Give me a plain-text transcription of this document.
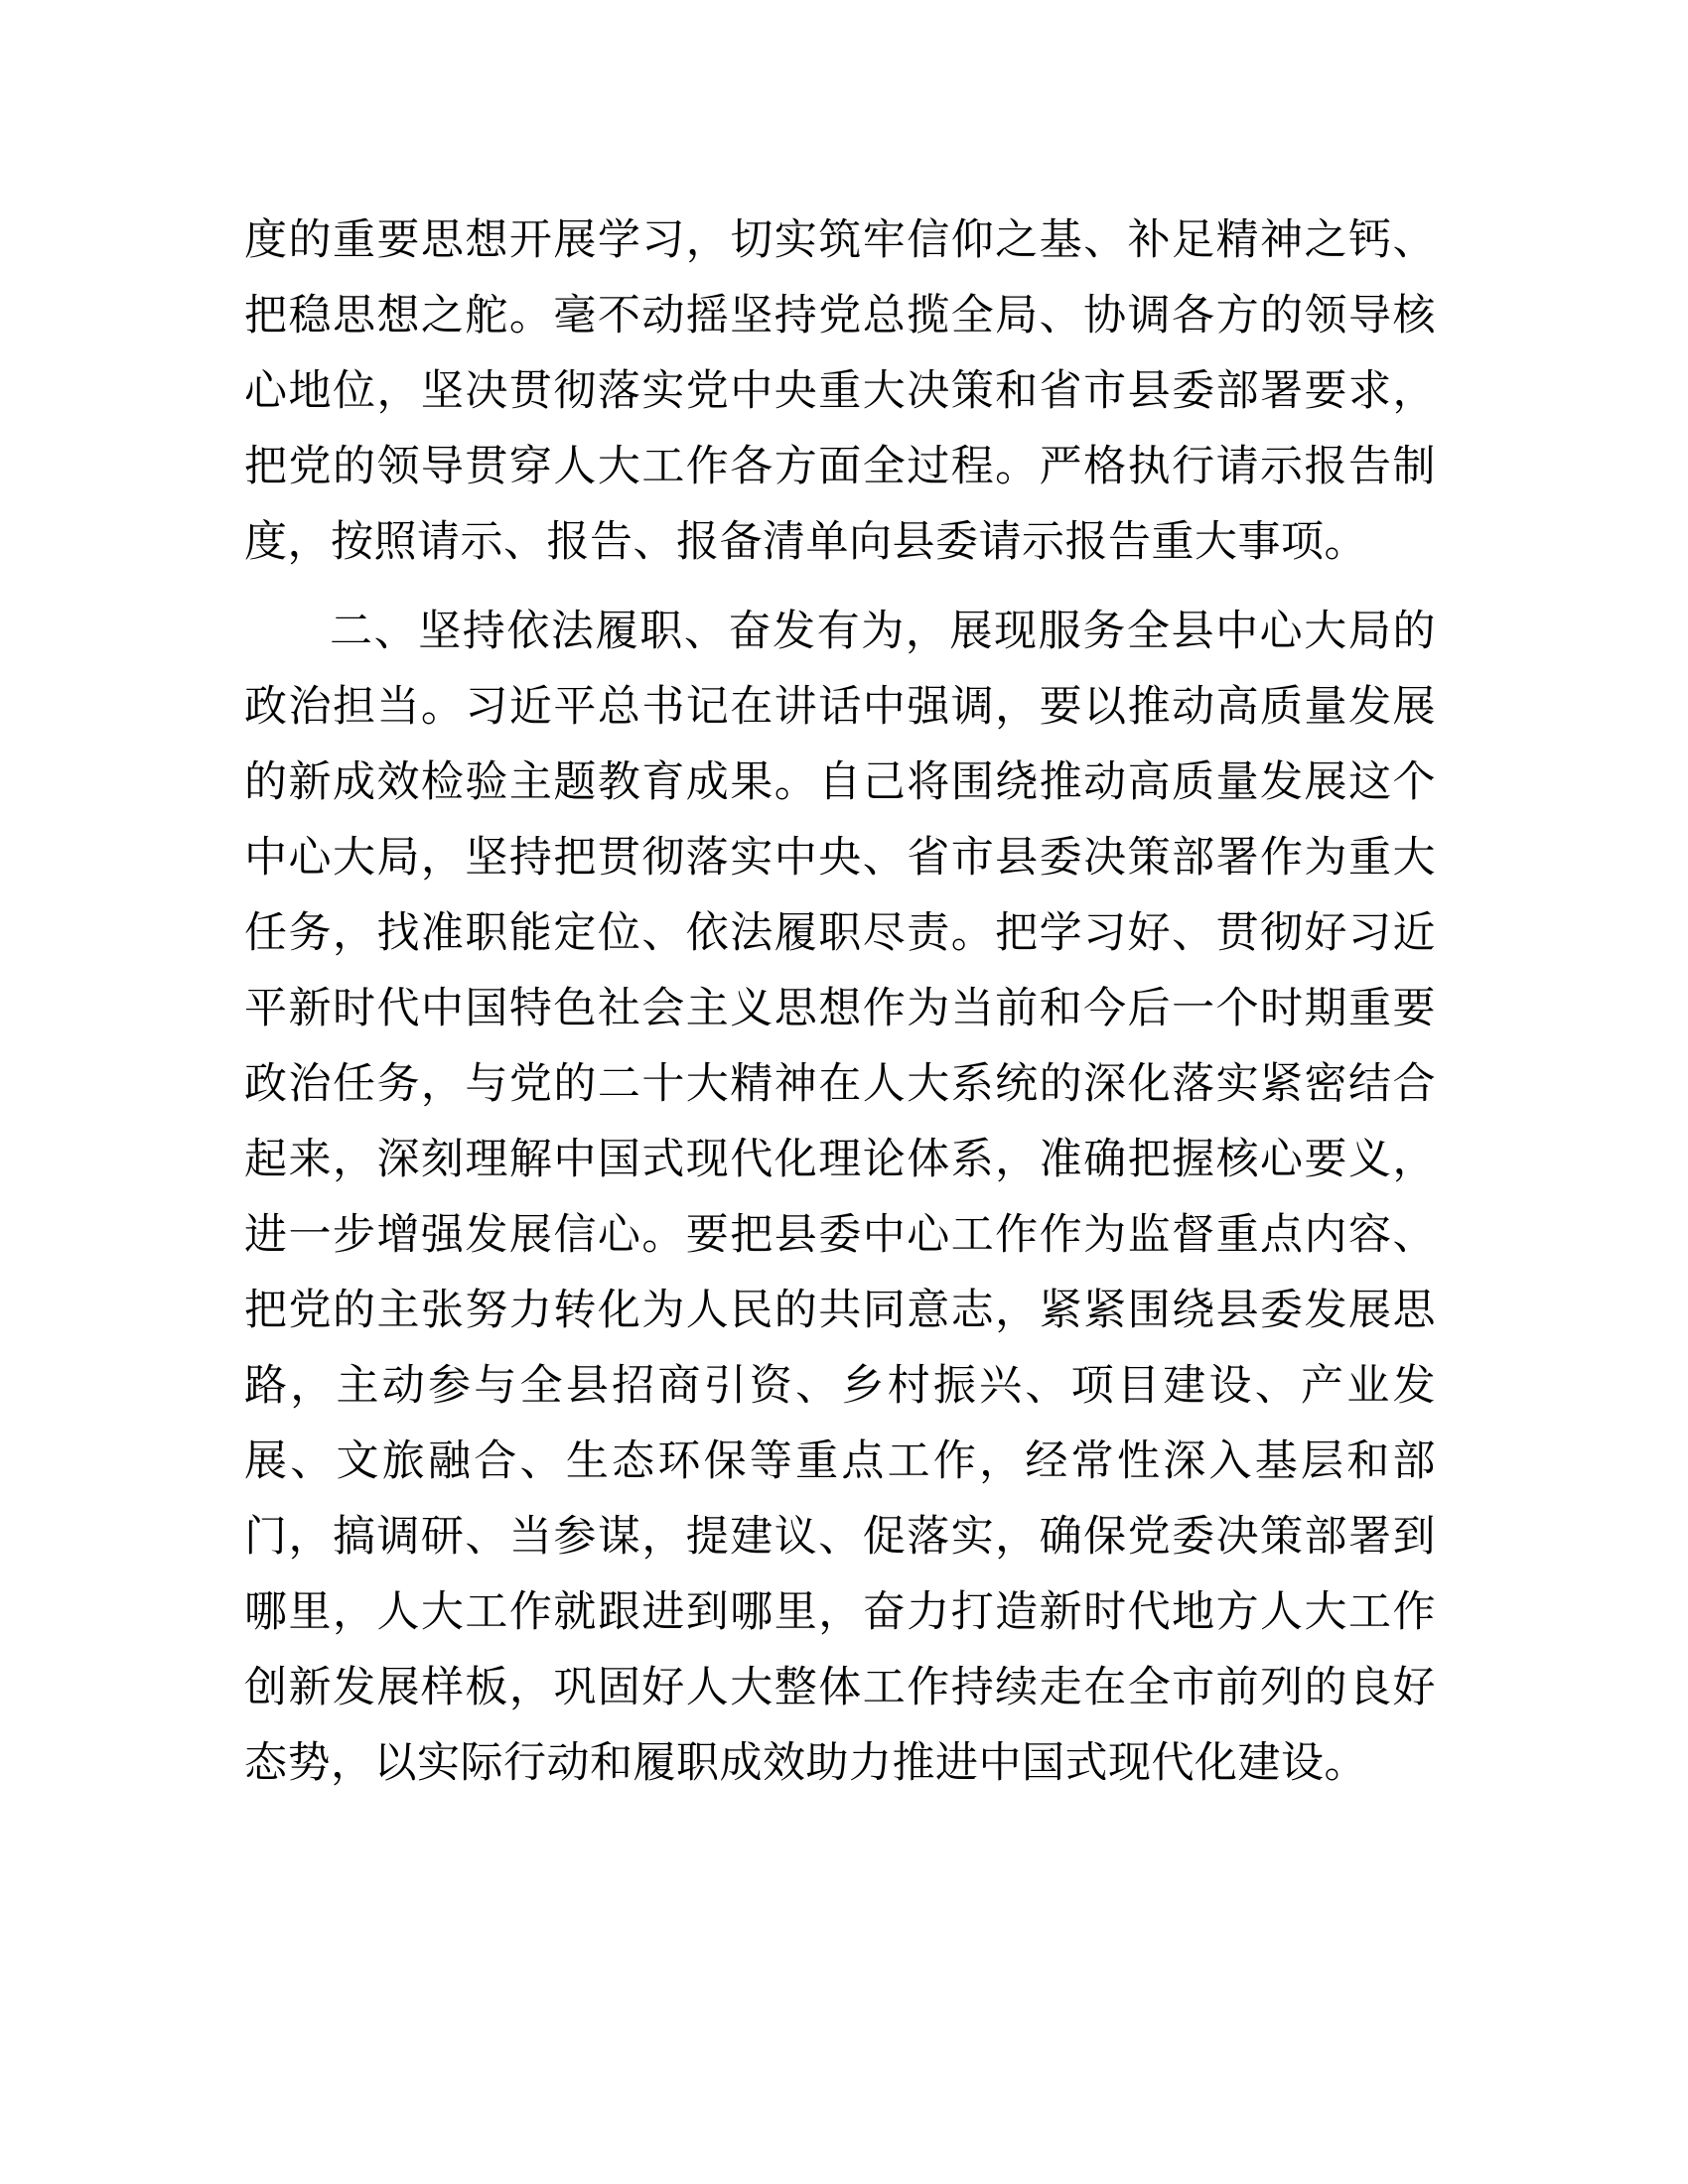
度的重要思想开展学习，切实筑牢信仰之基、补足精神之钙、
把稳思想之舵。毫不动摇坚持党总揽全局、协调各方的领导核
心地位，坚决贯彻落实党中央重大决策和省市县委部署要求，
把党的领导贯穿人大工作各方面全过程。严格执行请示报告制
度，按照请示、报告、报备清单向县委请示报告重大事项。
二、坚持依法履职、奋发有为，展现服务全县中心大局的
政治担当。习近平总书记在讲话中强调，要以推动高质量发展
的新成效检验主题教育成果。自己将围绕推动高质量发展这个
中心大局，坚持把贯彻落实中央、省市县委决策部署作为重大
任务，找准职能定位、依法履职尽责。把学习好、贯彻好习近
平新时代中国特色社会主义思想作为当前和今后一个时期重要
政治任务，与党的二十大精神在人大系统的深化落实紧密结合
起来，深刻理解中国式现代化理论体系，准确把握核心要义，
进一步增强发展信心。要把县委中心工作作为监督重点内容、
把党的主张努力转化为人民的共同意志，紧紧围绕县委发展思
路，主动参与全县招商引资、乡村振兴、项目建设、产业发
展、文旅融合、生态环保等重点工作，经常性深入基层和部
门，搞调研、当参谋，提建议、促落实，确保党委决策部署到
哪里，人大工作就跟进到哪里，奋力打造新时代地方人大工作
创新发展样板，巩固好人大整体工作持续走在全市前列的良好
态势，以实际行动和履职成效助力推进中国式现代化建设。
